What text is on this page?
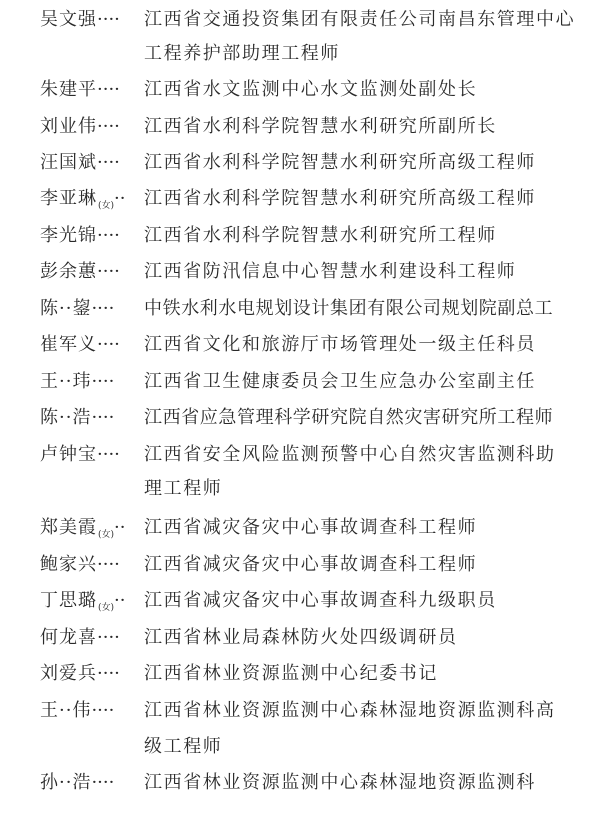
吴文强···· 江西省交通投资集团有限责任公司南昌东管理中心工程养护部助理工程师
朱建平···· 江西省水文监测中心水文监测处副处长
刘业伟···· 江西省水利科学院智慧水利研究所副所长
汪国斌···· 江西省水利科学院智慧水利研究所高级工程师
李亚琳$_{(女)}$·· 江西省水利科学院智慧水利研究所高级工程师
李光锦···· 江西省水利科学院智慧水利研究所工程师
彭余蕙···· 江西省防汛信息中心智慧水利建设科工程师
陈··鋆···· 中铁水利水电规划设计集团有限公司规划院副总工
崔军义···· 江西省文化和旅游厅市场管理处一级主任科员
王··玮···· 江西省卫生健康委员会卫生应急办公室副主任
陈··浩···· 江西省应急管理科学研究院自然灾害研究所工程师
卢钟宝···· 江西省安全风险监测预警中心自然灾害监测科助理工程师
郑美霞$_{(女)}$·· 江西省减灾备灾中心事故调查科工程师
鲍家兴···· 江西省减灾备灾中心事故调查科工程师
丁思璐$_{(女)}$·· 江西省减灾备灾中心事故调查科九级职员
何龙喜···· 江西省林业局森林防火处四级调研员
刘爱兵···· 江西省林业资源监测中心纪委书记
王··伟···· 江西省林业资源监测中心森林湿地资源监测科高级工程师
孙··浩···· 江西省林业资源监测中心森林湿地资源监测科
